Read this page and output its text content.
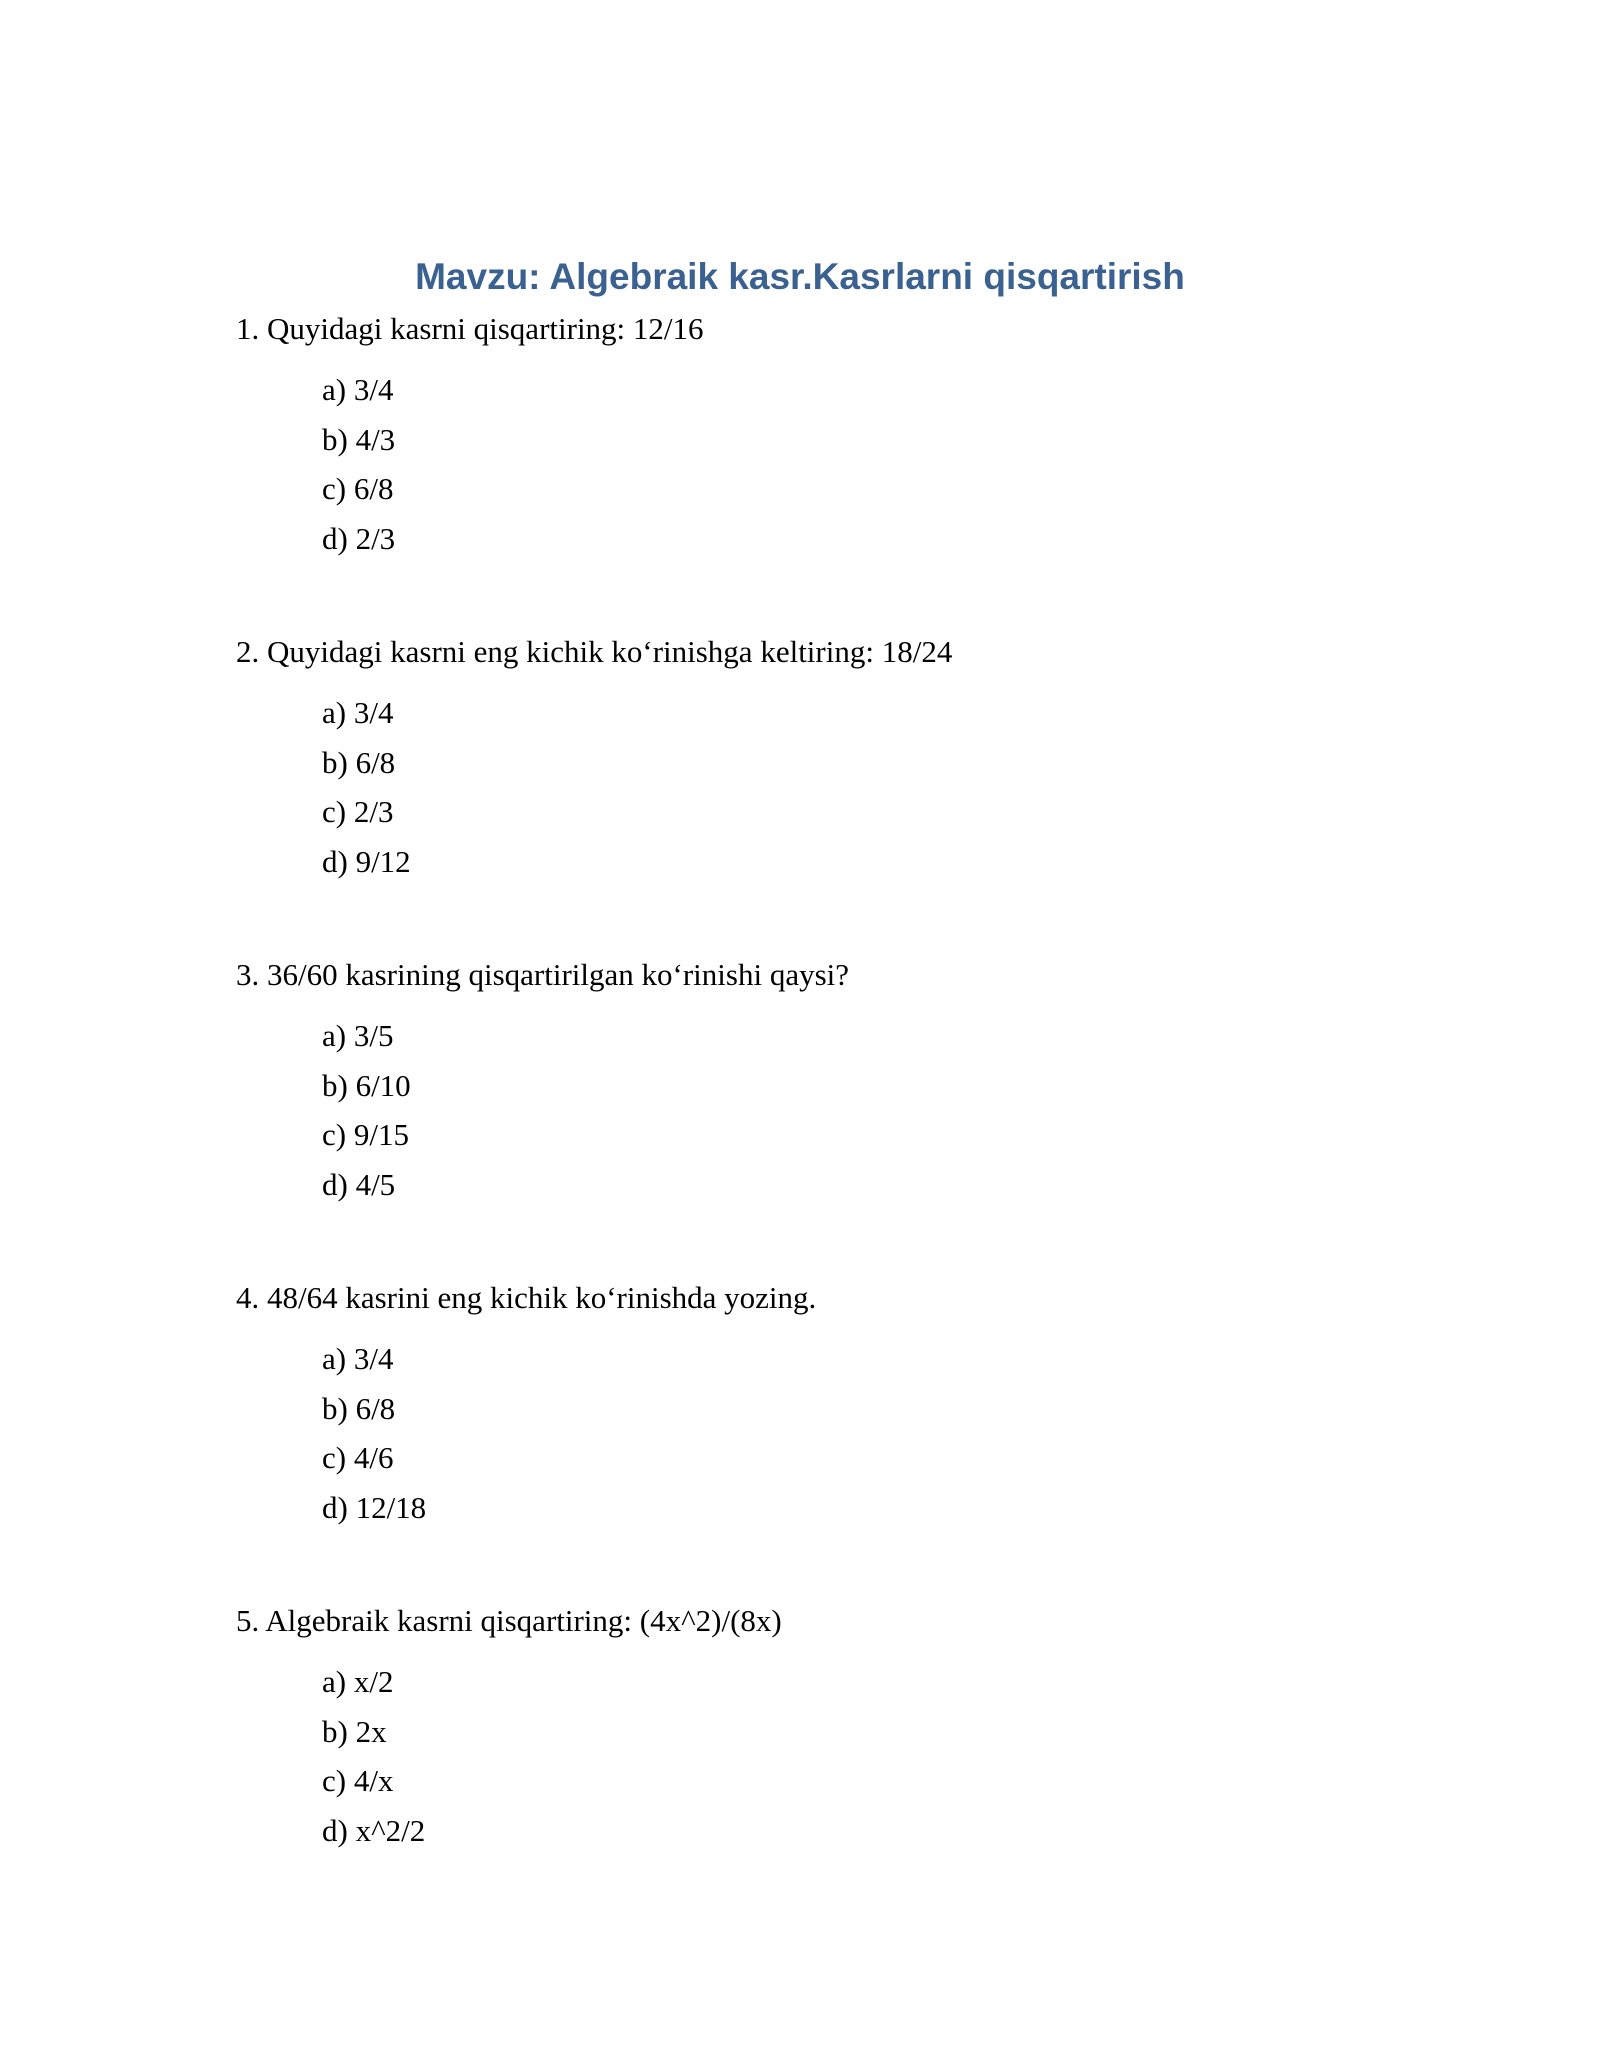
Mavzu: Algebraik kasr.Kasrlarni qisqartirish
1. Quyidagi kasrni qisqartiring: 12/16
a) 3/4
b) 4/3
c) 6/8
d) 2/3
2. Quyidagi kasrni eng kichik ko‘rinishga keltiring: 18/24
a) 3/4
b) 6/8
c) 2/3
d) 9/12
3. 36/60 kasrining qisqartirilgan ko‘rinishi qaysi?
a) 3/5
b) 6/10
c) 9/15
d) 4/5
4. 48/64 kasrini eng kichik ko‘rinishda yozing.
a) 3/4
b) 6/8
c) 4/6
d) 12/18
5. Algebraik kasrni qisqartiring: (4x^2)/(8x)
a) x/2
b) 2x
c) 4/x
d) x^2/2
